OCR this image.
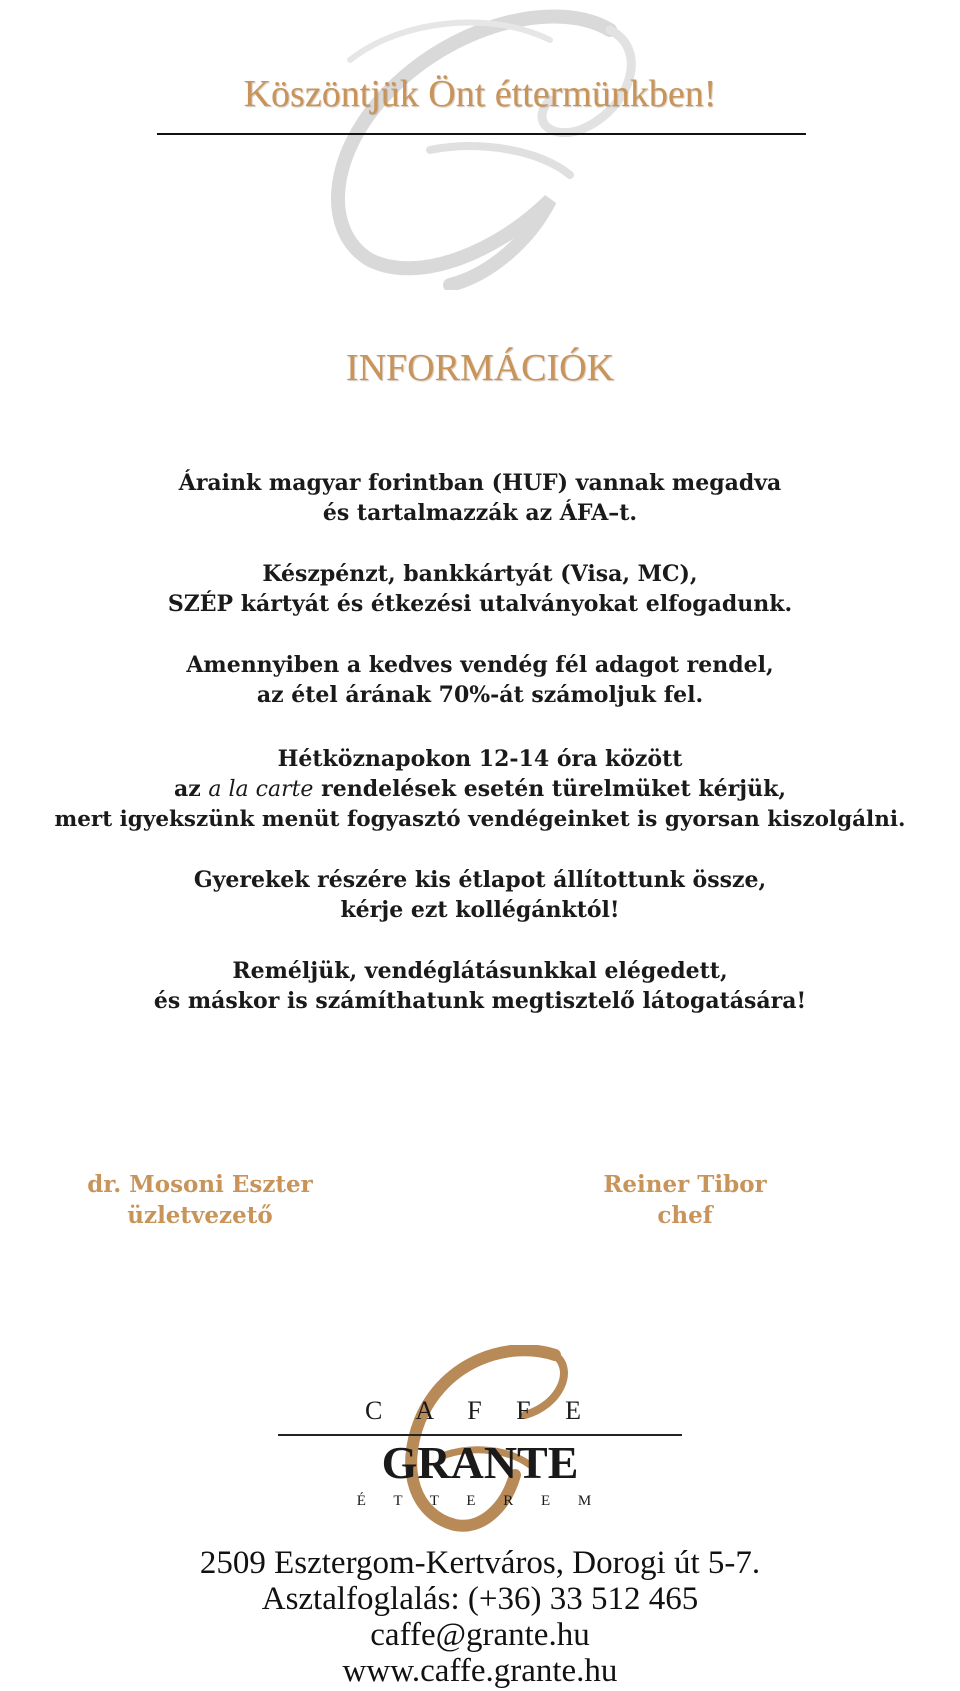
Köszöntjük Önt éttermünkben!
INFORMÁCIÓK
Áraink magyar forintban (HUF) vannak megadva
és tartalmazzák az ÁFA–t.
Készpénzt, bankkártyát (Visa, MC),
SZÉP kártyát és étkezési utalványokat elfogadunk.
Amennyiben a kedves vendég fél adagot rendel,
az étel árának 70%-át számoljuk fel.
Hétköznapokon 12-14 óra között
az a la carte rendelések esetén türelmüket kérjük,
mert igyekszünk menüt fogyasztó vendégeinket is gyorsan kiszolgálni.
Gyerekek részére kis étlapot állítottunk össze,
kérje ezt kollégánktól!
Reméljük, vendéglátásunkkal elégedett,
és máskor is számíthatunk megtisztelő látogatására!
dr. Mosoni Eszter
üzletvezető
Reiner Tibor
chef
C A F F E
GRANTE
É T T E R E M
2509 Esztergom-Kertváros, Dorogi út 5-7.
Asztalfoglalás: (+36) 33 512 465
caffe@grante.hu
www.caffe.grante.hu
